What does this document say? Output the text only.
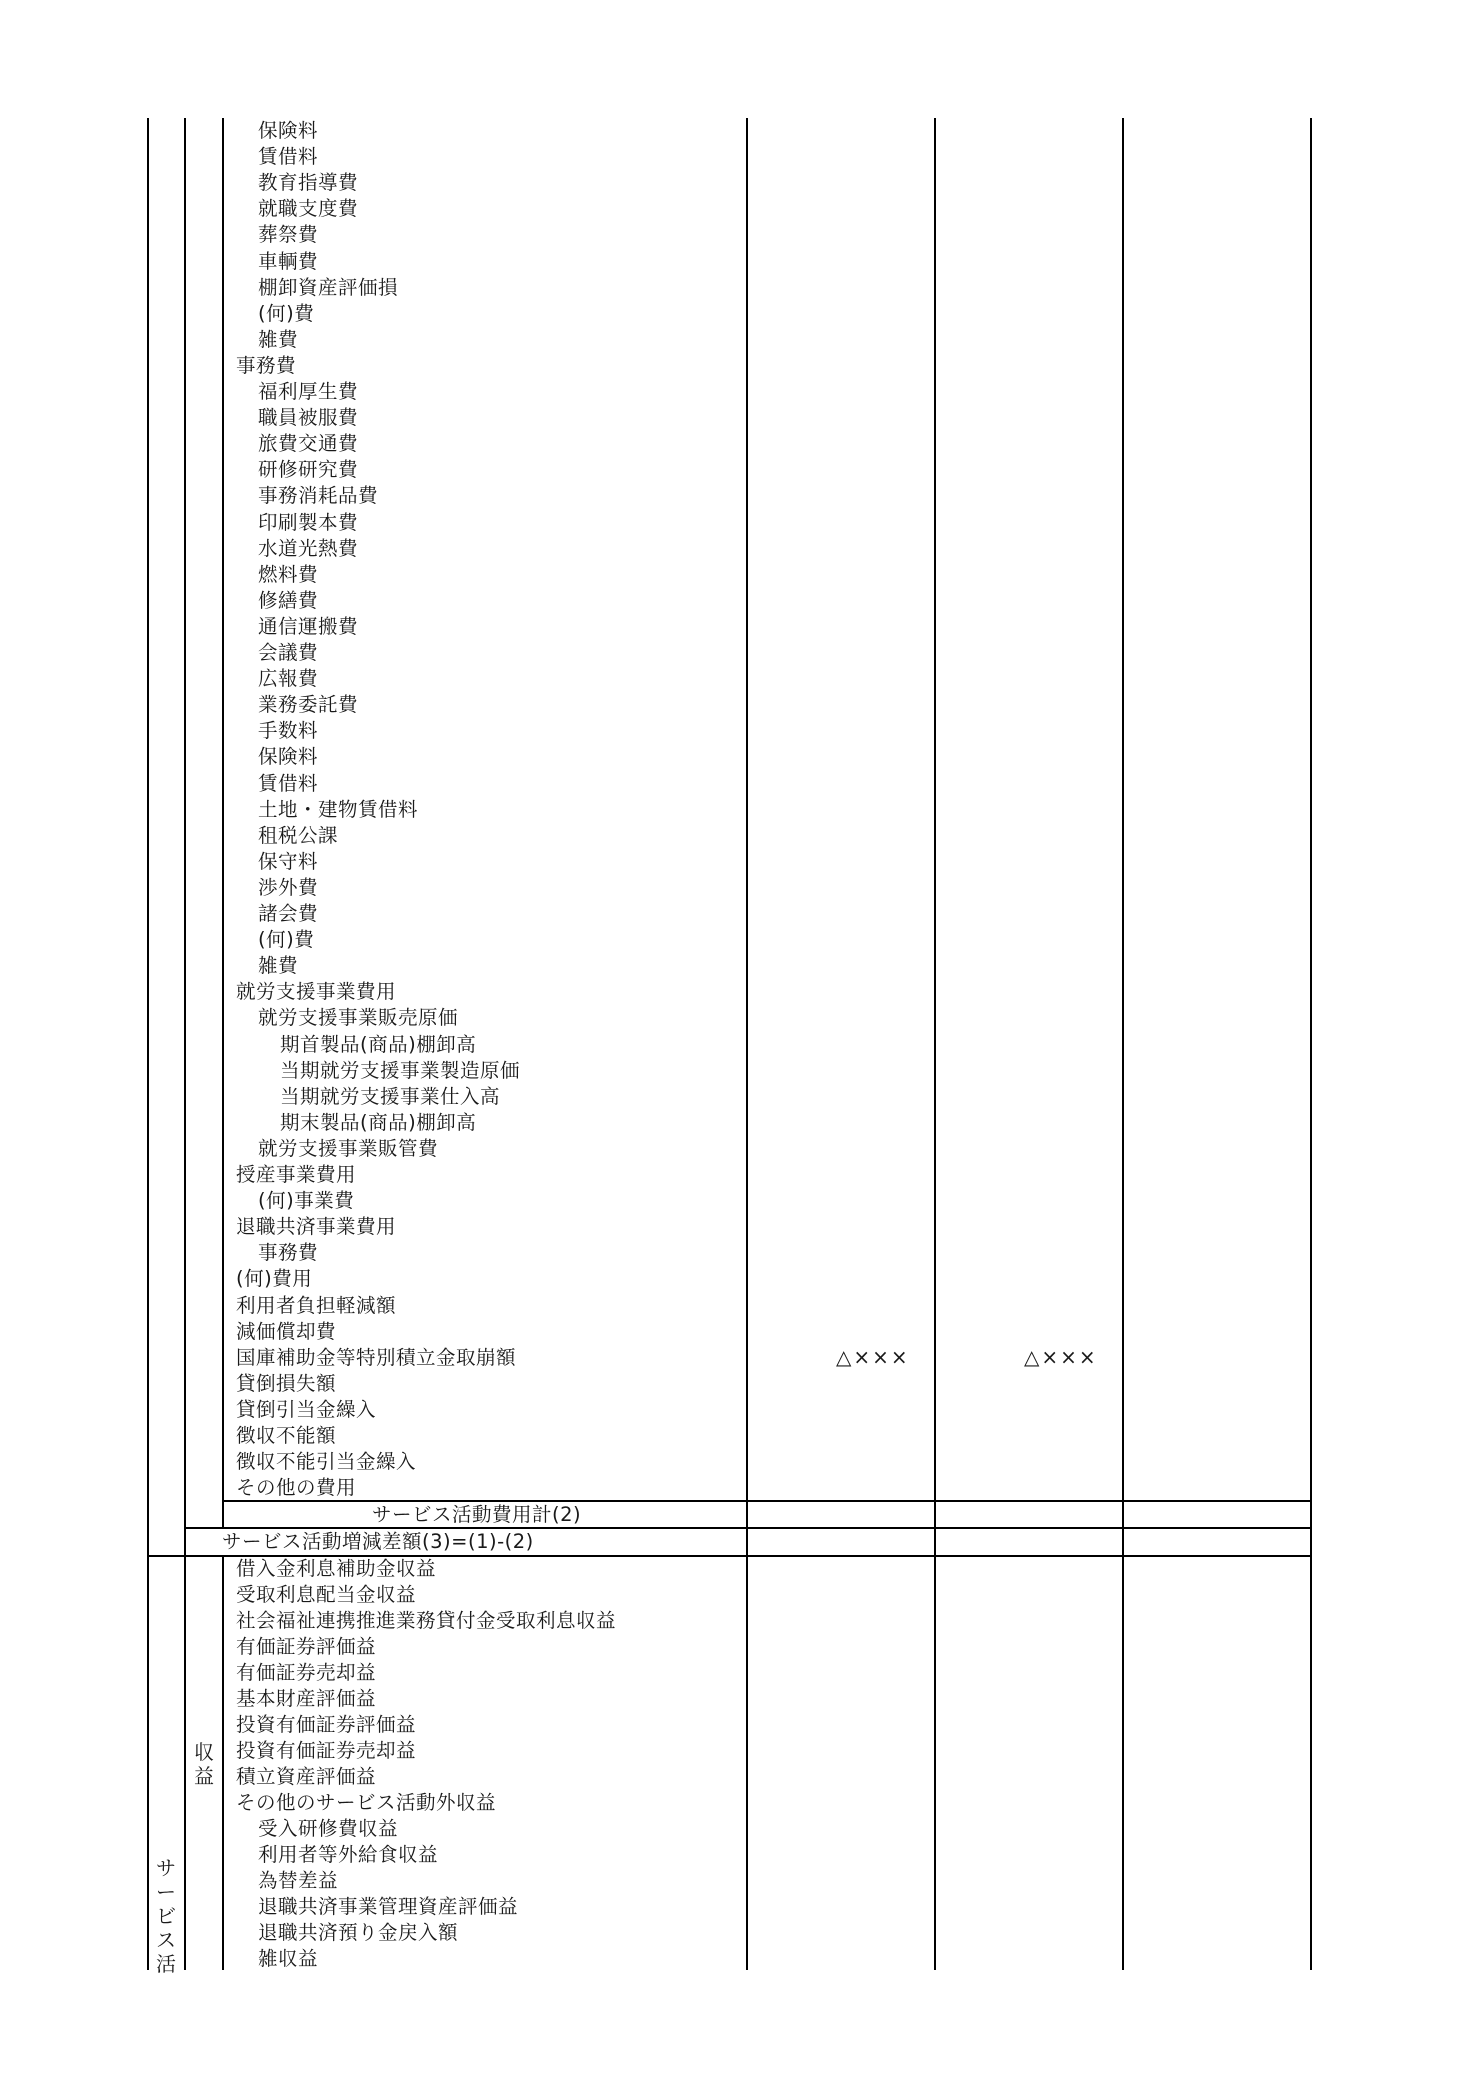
保険料
賃借料
教育指導費
就職支度費
葬祭費
車輌費
棚卸資産評価損
(何)費
雑費
事務費
福利厚生費
職員被服費
旅費交通費
研修研究費
事務消耗品費
印刷製本費
水道光熱費
燃料費
修繕費
通信運搬費
会議費
広報費
業務委託費
手数料
保険料
賃借料
土地・建物賃借料
租税公課
保守料
渉外費
諸会費
(何)費
雑費
就労支援事業費用
就労支援事業販売原価
期首製品(商品)棚卸高
当期就労支援事業製造原価
当期就労支援事業仕入高
期末製品(商品)棚卸高
就労支援事業販管費
授産事業費用
(何)事業費
退職共済事業費用
事務費
(何)費用
利用者負担軽減額
減価償却費
国庫補助金等特別積立金取崩額
貸倒損失額
貸倒引当金繰入
徴収不能額
徴収不能引当金繰入
その他の費用
△×××	△×××
サービス活動費用計(2)
サービス活動増減差額(3)=(1)-(2)
借入金利息補助金収益
受取利息配当金収益
社会福祉連携推進業務貸付金受取利息収益
有価証券評価益
有価証券売却益
基本財産評価益
投資有価証券評価益
投資有価証券売却益
積立資産評価益
その他のサービス活動外収益
受入研修費収益
利用者等外給食収益
為替差益
退職共済事業管理資産評価益
退職共済預り金戻入額
雑収益
収
益
サ
ー
ビ
ス
活
